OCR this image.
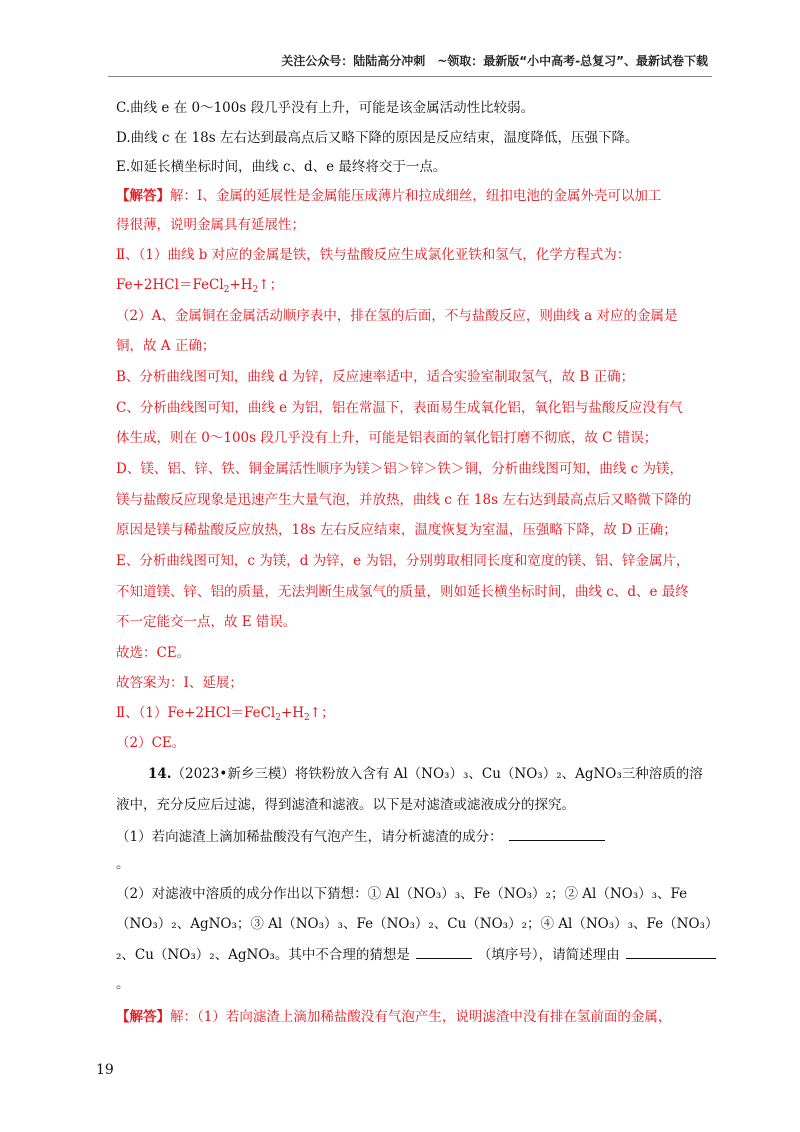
关注公众号：陆陆高分冲刺　~领取：最新版“小中高考-总复习”、最新试卷下载
C.曲线 e 在 0～100s 段几乎没有上升，可能是该金属活动性比较弱。
D.曲线 c 在 18s 左右达到最高点后又略下降的原因是反应结束，温度降低，压强下降。
E.如延长横坐标时间，曲线 c、d、e 最终将交于一点。
【解答】解：Ⅰ、金属的延展性是金属能压成薄片和拉成细丝，纽扣电池的金属外壳可以加工
得很薄，说明金属具有延展性；
Ⅱ、（1）曲线 b 对应的金属是铁，铁与盐酸反应生成氯化亚铁和氢气，化学方程式为：
$Fe+2HCl=FeCl_2+H_2↑$；
（2）A、金属铜在金属活动顺序表中，排在氢的后面，不与盐酸反应，则曲线 a 对应的金属是
铜，故 A 正确；
B、分析曲线图可知，曲线 d 为锌，反应速率适中，适合实验室制取氢气，故 B 正确；
C、分析曲线图可知，曲线 e 为铝，铝在常温下，表面易生成氧化铝，氧化铝与盐酸反应没有气
体生成，则在 0～100s 段几乎没有上升，可能是铝表面的氧化铝打磨不彻底，故 C 错误；
D、镁、铝、锌、铁、铜金属活性顺序为镁＞铝＞锌＞铁＞铜，分析曲线图可知，曲线 c 为镁，
镁与盐酸反应现象是迅速产生大量气泡，并放热，曲线 c 在 18s 左右达到最高点后又略微下降的
原因是镁与稀盐酸反应放热，18s 左右反应结束，温度恢复为室温，压强略下降，故 D 正确；
E、分析曲线图可知，c 为镁，d 为锌，e 为铝，分别剪取相同长度和宽度的镁、铝、锌金属片，
不知道镁、锌、铝的质量，无法判断生成氢气的质量，则如延长横坐标时间，曲线 c、d、e 最终
不一定能交一点，故 E 错误。
故选：CE。
故答案为：Ⅰ、延展；
Ⅱ、$(1)Fe+2HCl=FeCl_2+H_2↑$；
（2）CE。
14.（2023•新乡三模）将铁粉放入含有 Al（NO₃）₃、Cu（NO₃）₂、AgNO₃三种溶质的溶
液中，充分反应后过滤，得到滤渣和滤液。以下是对滤渣或滤液成分的探究。
（1）若向滤渣上滴加稀盐酸没有气泡产生，请分析滤渣的成分：
。
（2）对滤液中溶质的成分作出以下猜想：① Al（NO₃）₃、Fe（NO₃）₂；② Al（NO₃）₃、Fe
（NO₃）₂、AgNO₃；③ Al（NO₃）₃、Fe（NO₃）₂、Cu（NO₃）₂；④ Al（NO₃）₃、Fe（NO₃）
₂、Cu（NO₃）₂、AgNO₃。其中不合理的猜想是	（填序号），请简述理由
。
【解答】解：（1）若向滤渣上滴加稀盐酸没有气泡产生，说明滤渣中没有排在氢前面的金属，
19
